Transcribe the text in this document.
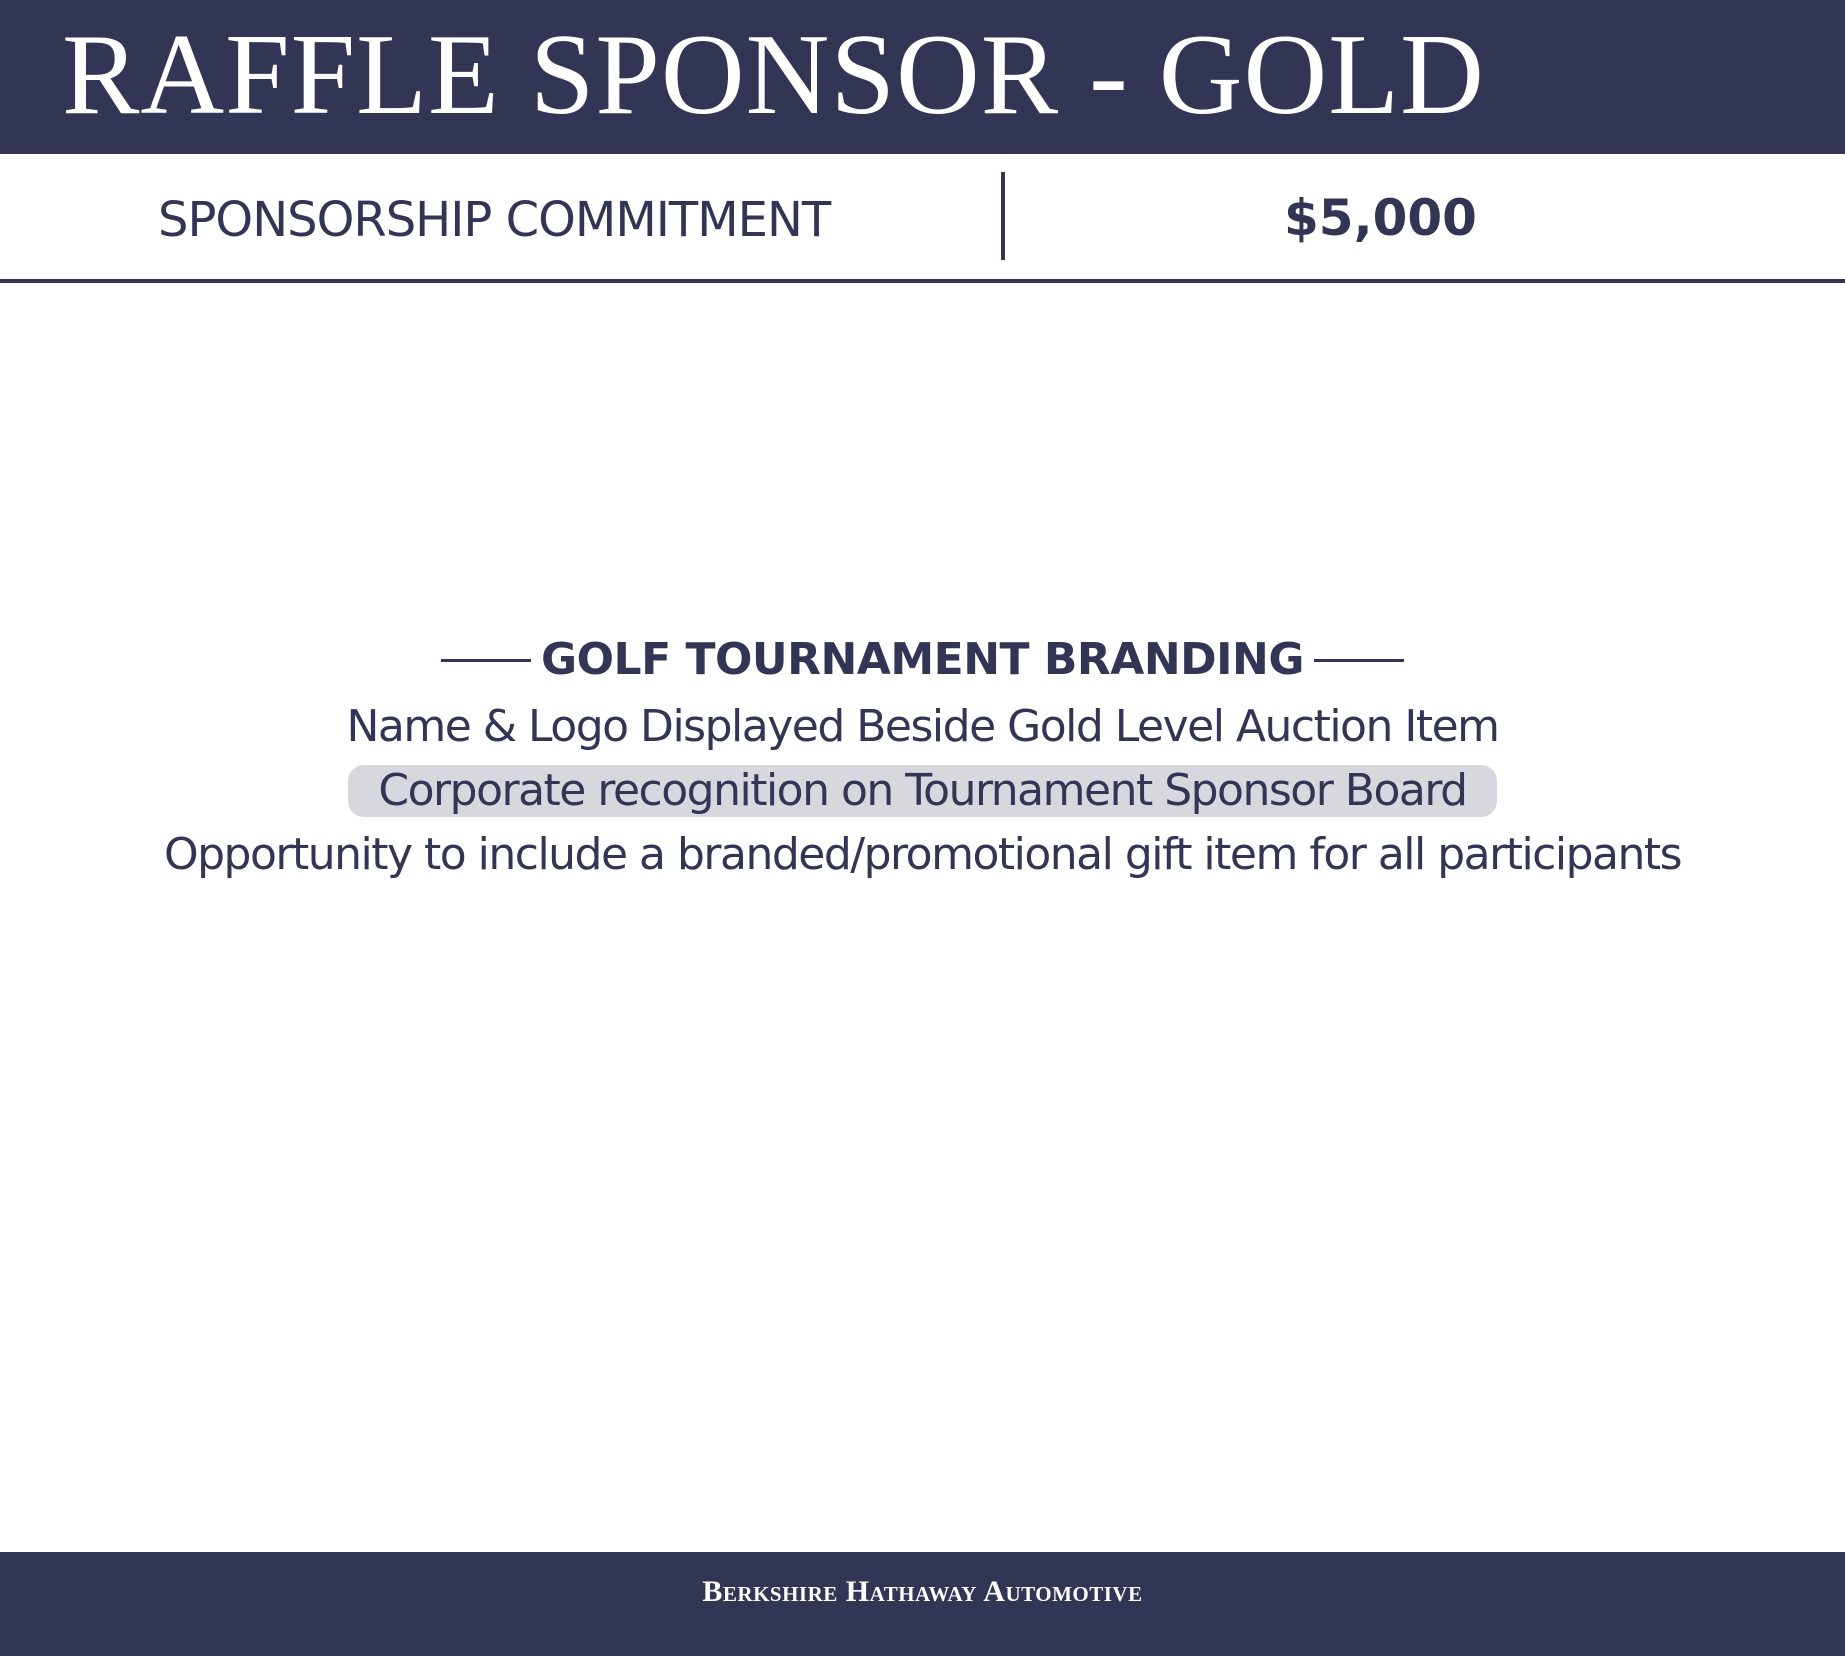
RAFFLE SPONSOR - GOLD
SPONSORSHIP COMMITMENT	$5,000
GOLF TOURNAMENT BRANDING
Name & Logo Displayed Beside Gold Level Auction Item
Corporate recognition on Tournament Sponsor Board
Opportunity to include a branded/promotional gift item for all participants
Berkshire Hathaway Automotive
